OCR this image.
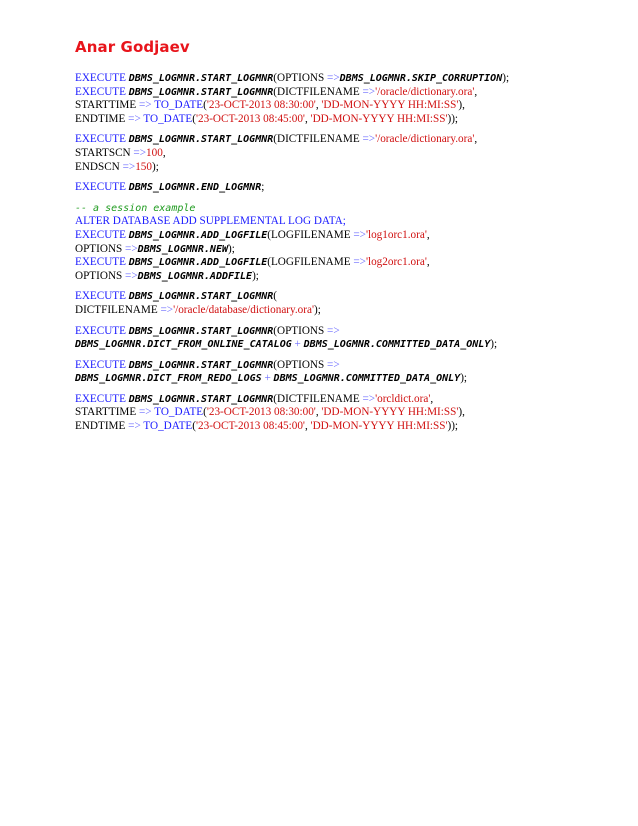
Anar Godjaev
EXECUTE DBMS_LOGMNR.START_LOGMNR(OPTIONS =>DBMS_LOGMNR.SKIP_CORRUPTION);
EXECUTE DBMS_LOGMNR.START_LOGMNR(DICTFILENAME =>'/oracle/dictionary.ora',
STARTTIME => TO_DATE('23-OCT-2013 08:30:00', 'DD-MON-YYYY HH:MI:SS'),
ENDTIME => TO_DATE('23-OCT-2013 08:45:00', 'DD-MON-YYYY HH:MI:SS'));
EXECUTE DBMS_LOGMNR.START_LOGMNR(DICTFILENAME =>'/oracle/dictionary.ora',
STARTSCN =>100,
ENDSCN =>150);
EXECUTE DBMS_LOGMNR.END_LOGMNR;
-- a session example
ALTER DATABASE ADD SUPPLEMENTAL LOG DATA;
EXECUTE DBMS_LOGMNR.ADD_LOGFILE(LOGFILENAME =>'log1orc1.ora',
OPTIONS =>DBMS_LOGMNR.NEW);
EXECUTE DBMS_LOGMNR.ADD_LOGFILE(LOGFILENAME =>'log2orc1.ora',
OPTIONS =>DBMS_LOGMNR.ADDFILE);
EXECUTE DBMS_LOGMNR.START_LOGMNR(
DICTFILENAME =>'/oracle/database/dictionary.ora');
EXECUTE DBMS_LOGMNR.START_LOGMNR(OPTIONS =>
DBMS_LOGMNR.DICT_FROM_ONLINE_CATALOG + DBMS_LOGMNR.COMMITTED_DATA_ONLY);
EXECUTE DBMS_LOGMNR.START_LOGMNR(OPTIONS =>
DBMS_LOGMNR.DICT_FROM_REDO_LOGS + DBMS_LOGMNR.COMMITTED_DATA_ONLY);
EXECUTE DBMS_LOGMNR.START_LOGMNR(DICTFILENAME =>'orcldict.ora',
STARTTIME => TO_DATE('23-OCT-2013 08:30:00', 'DD-MON-YYYY HH:MI:SS'),
ENDTIME => TO_DATE('23-OCT-2013 08:45:00', 'DD-MON-YYYY HH:MI:SS'));
